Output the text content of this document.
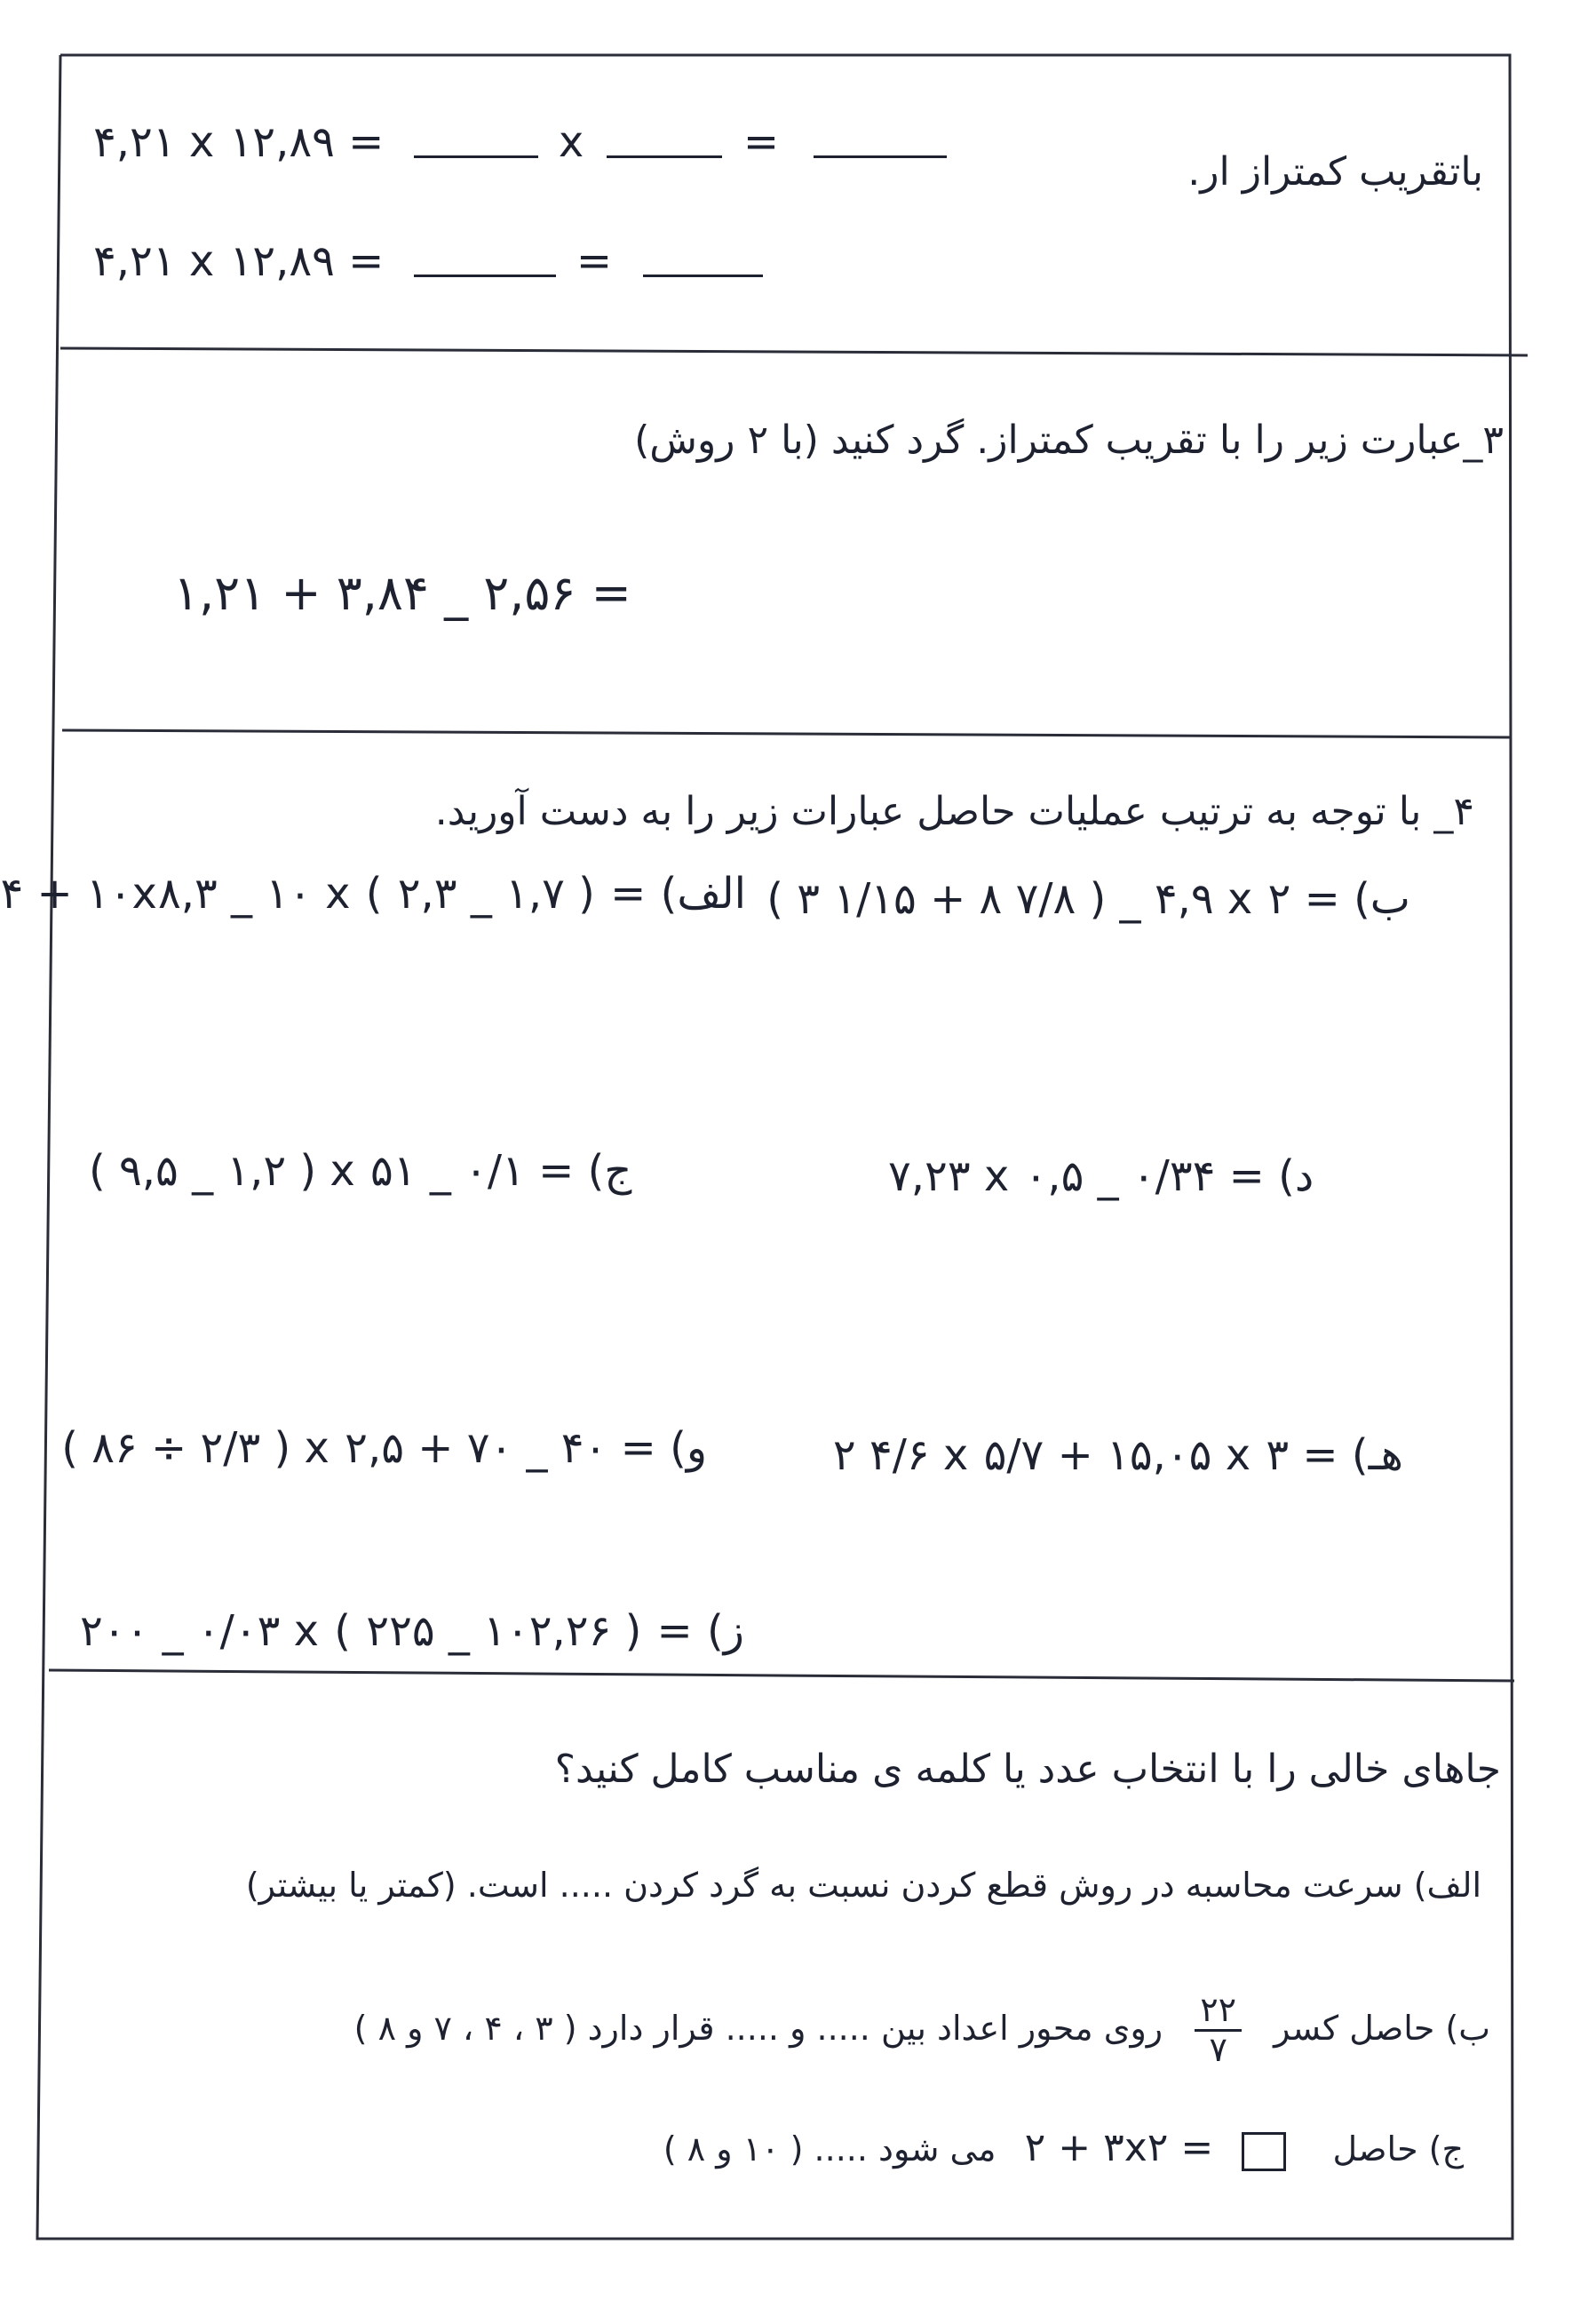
۴,۲۱ x ۱۲,۸۹ =	x	=
باتقریب کمتراز ار.
۴,۲۱ x ۱۲,۸۹ =	=
۳_عبارت زیر را با تقریب کمتراز. گرد کنید (با ۲ روش)
۱,۲۱ + ۳,۸۴ _ ۲,۵۶ =
۴_ با توجه به ترتیب عملیات حاصل عبارات زیر را به دست آورید.
الف) ۴ + ۱۰x۸,۳ _ ۱۰ x ( ۲,۳ _ ۱,۷ ) =	ب) ( ۳ ۱/۱۵ + ۸ ۷/۸ ) _ ۴,۹ x ۲ =
ج) ( ۹,۵ _ ۱,۲ ) x ۵۱ _ ۰/۱ =	د) ۷,۲۳ x ۰,۵ _ ۰/۳۴ =
و) ( ۸۶ ÷ ۲/۳ ) x ۲,۵ + ۷۰ _ ۴۰ =	هـ) ۲ ۴/۶ x ۵/۷ + ۱۵,۰۵ x ۳ =
ز) ۲۰۰ _ ۰/۰۳ x ( ۲۲۵ _ ۱۰۲,۲۶ ) =
جاهای خالی را با انتخاب عدد یا کلمه ی مناسب کامل کنید؟
الف) سرعت محاسبه در روش قطع کردن نسبت به گرد کردن ..... است. (کمتر یا بیشتر)
ب) حاصل کسر
۲۲
۷
روی محور اعداد بین ..... و ..... قرار دارد ( ۳ ، ۴ ، ۷ و ۸ )
ج) حاصل  ۲ + ۳x۲ = می شود ..... ( ۱۰ و ۸ )
